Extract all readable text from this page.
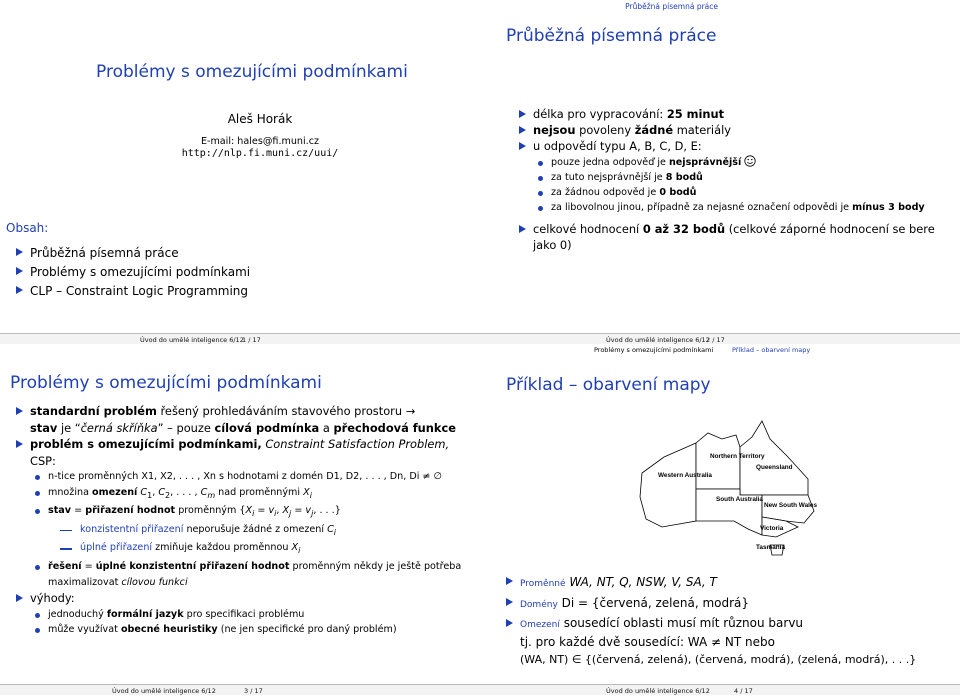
Problémy s omezujícími podmínkami
Aleš Horák
E-mail: hales@fi.muni.cz
http://nlp.fi.muni.cz/uui/
Obsah:
Průběžná písemná práce
Problémy s omezujícími podmínkami
CLP – Constraint Logic Programming
Úvod do umělé inteligence 6/12
1 / 17
Průběžná písemná práce
Průběžná písemná práce
délka pro vypracování: 25 minut
nejsou povoleny žádné materiály
u odpovědí typu A, B, C, D, E:
pouze jedna odpověď je nejsprávnější
za tuto nejsprávnější je 8 bodů
za žádnou odpověd je 0 bodů
za libovolnou jinou, případně za nejasné označení odpovědi je mínus 3 body
celkové hodnocení 0 až 32 bodů (celkové záporné hodnocení se bere jako 0)
Úvod do umělé inteligence 6/12
2 / 17
Problémy s omezujícími podmínkami
standardní problém řešený prohledáváním stavového prostoru →
stav je “černá skříňka” – pouze cílová podmínka a přechodová funkce
problém s omezujícími podmínkami, Constraint Satisfaction Problem, CSP:
n-tice proměnných X1, X2, . . . , Xn s hodnotami z domén D1, D2, . . . , Dn, Di ≠ ∅
množina omezení $C_1$, $C_2$, . . . , $C_m$ nad proměnnými $X_i$
stav = přiřazení hodnot proměnným {$X_i = v_i$, $X_j = v_j$, . . .}
konzistentní přiřazení neporušuje žádné z omezení $C_i$
úplné přiřazení zmiňuje každou proměnnou $X_i$
řešení = úplné konzistentní přiřazení hodnot proměnným někdy je ještě potřeba maximalizovat cílovou funkci
výhody:
jednoduchý formální jazyk pro specifikaci problému
může využívat obecné heuristiky (ne jen specifické pro daný problém)
Úvod do umělé inteligence 6/12	3 / 17
Příklad – obarvení mapy
Western Australia
Northern Territory
Queensland
South Australia
New South Wales
Victoria
Tasmania
Proměnné WA, NT, Q, NSW, V, SA, T
Domény Di = {červená, zelená, modrá}
Omezení sousedící oblasti musí mít různou barvu
tj. pro každé dvě sousedící: WA ≠ NT nebo
(WA, NT) ∈ {(červená, zelená), (červená, modrá), (zelená, modrá), . . .}
Úvod do umělé inteligence 6/12	4 / 17
Problémy s omezujícími podmínkami	Příklad – obarvení mapy
